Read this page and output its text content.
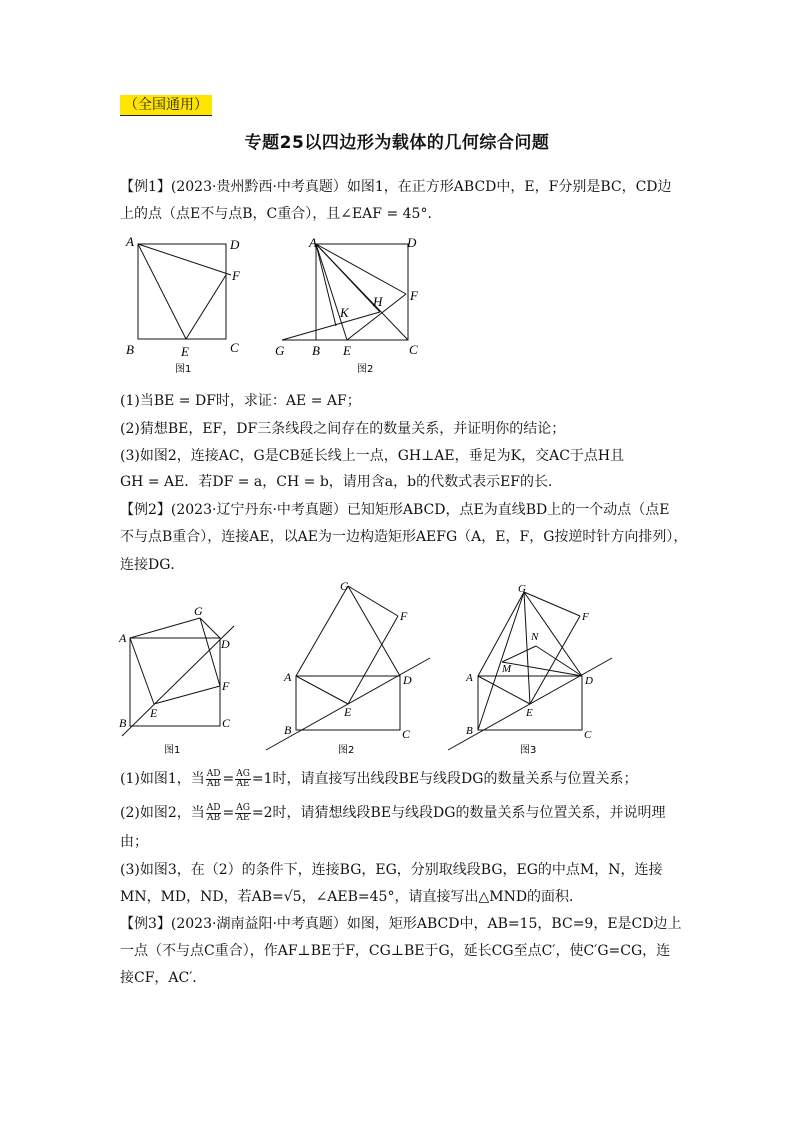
（全国通用）
专题25以四边形为载体的几何综合问题
【例1】(2023·贵州黔西·中考真题）如图1，在正方形ABCD中，E，F分别是BC，CD边
上的点（点E不与点B，C重合），且∠EAF = 45°.
A	D
F
B	E	C
图1
A	D
F
H
K
G B E	C
图2
(1)当BE = DF时，求证：AE = AF；
(2)猜想BE，EF，DF三条线段之间存在的数量关系，并证明你的结论；
(3)如图2，连接AC，G是CB延长线上一点，GH⊥AE，垂足为K，交AC于点H且
GH = AE．若DF = a，CH = b，请用含a，b的代数式表示EF的长．
【例2】(2023·辽宁丹东·中考真题）已知矩形ABCD，点E为直线BD上的一个动点（点E
不与点B重合），连接AE，以AE为一边构造矩形AEFG（A，E，F，G按逆时针方向排列），
连接DG．
A
G
D
F
E
B	C
图1
G
F
A	D
E
B	C
图2
G
F
N
M
A	D
E
B	C
图3
(1)如图1，当 $\frac{AD}{AB} = \frac{AG}{AE} =1$时，请直接写出线段BE与线段DG的数量关系与位置关系；
(2)如图2，当 $\frac{AD}{AB} = \frac{AG}{AE} =2$时，请猜想线段BE与线段DG的数量关系与位置关系，并说明理
由；
(3)如图3，在（2）的条件下，连接BG，EG，分别取线段BG，EG的中点M，N，连接
MN，MD，ND，若AB=√5，∠AEB=45°，请直接写出△MND的面积．
【例3】(2023·湖南益阳·中考真题）如图，矩形ABCD中，AB=15，BC=9，E是CD边上
一点（不与点C重合），作AF⊥BE于F，CG⊥BE于G，延长CG至点C′，使C′G=CG，连
接CF，AC′．
